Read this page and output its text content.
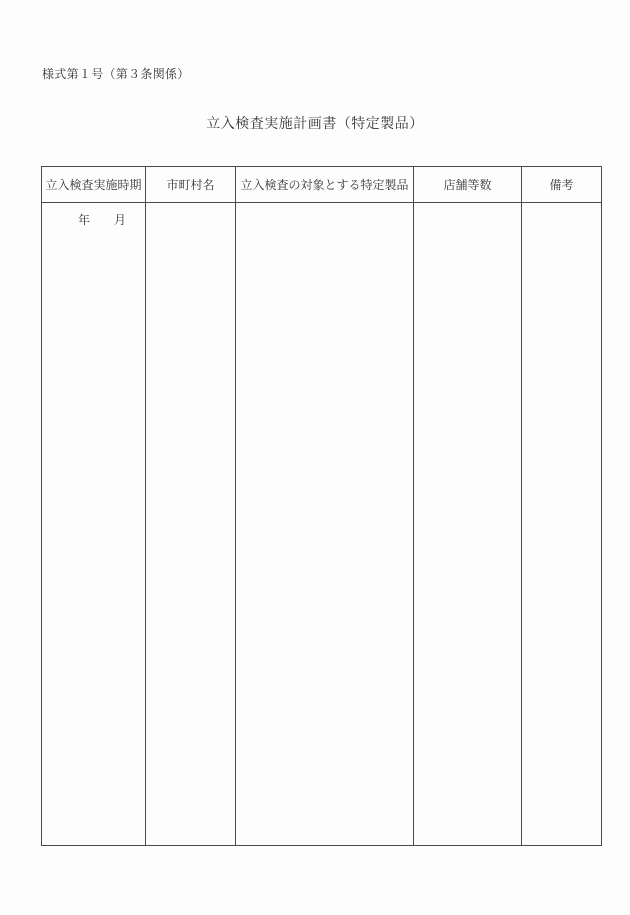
様式第１号（第３条関係）
立入検査実施計画書（特定製品）
立入検査実施時期	市町村名	立入検査の対象とする特定製品	店舗等数	備考
年　　月
